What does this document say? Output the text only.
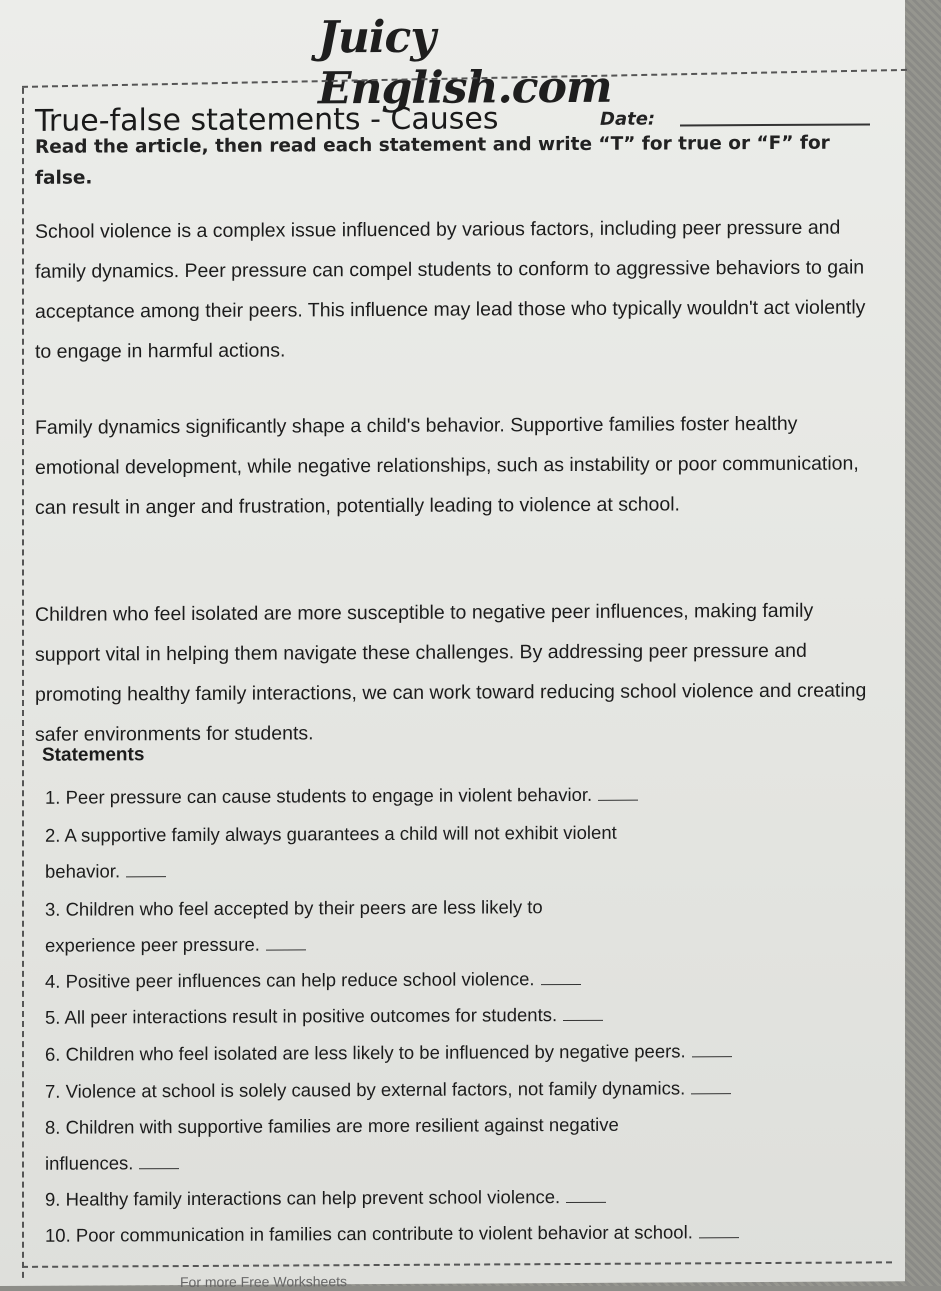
Juicy English.com
True-false statements - Causes	Date:
Read the article, then read each statement and write “T” for true or “F” for false.

School violence is a complex issue influenced by various factors, including peer pressure and family dynamics. Peer pressure can compel students to conform to aggressive behaviors to gain acceptance among their peers. This influence may lead those who typically wouldn't act violently to engage in harmful actions.

Family dynamics significantly shape a child's behavior. Supportive families foster healthy emotional development, while negative relationships, such as instability or poor communication, can result in anger and frustration, potentially leading to violence at school.

Children who feel isolated are more susceptible to negative peer influences, making family support vital in helping them navigate these challenges. By addressing peer pressure and promoting healthy family interactions, we can work toward reducing school violence and creating safer environments for students.

Statements

1. Peer pressure can cause students to engage in violent behavior.

2. A supportive family always guarantees a child will not exhibit violent behavior.

3. Children who feel accepted by their peers are less likely to experience peer pressure.

4. Positive peer influences can help reduce school violence.

5. All peer interactions result in positive outcomes for students.

6. Children who feel isolated are less likely to be influenced by negative peers.

7. Violence at school is solely caused by external factors, not family dynamics.

8. Children with supportive families are more resilient against negative influences.

9. Healthy family interactions can help prevent school violence.

10. Poor communication in families can contribute to violent behavior at school.

For more Free Worksheets
